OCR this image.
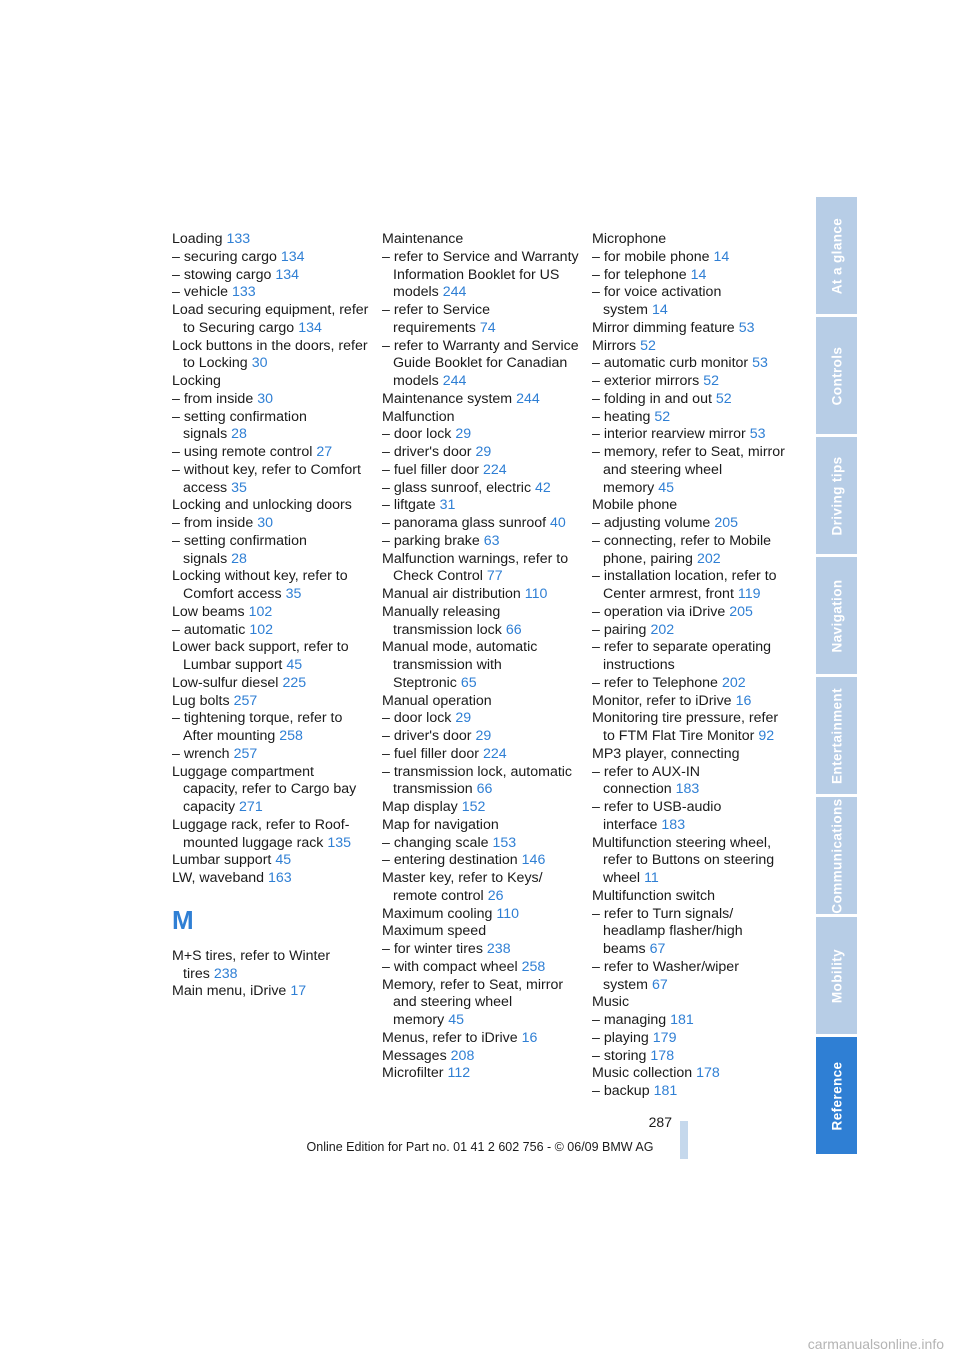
Loading 133
– securing cargo 134
– stowing cargo 134
– vehicle 133
Load securing equipment, refer to Securing cargo 134
Lock buttons in the doors, refer to Locking 30
Locking
– from inside 30
– setting confirmation signals 28
– using remote control 27
– without key, refer to Comfort access 35
Locking and unlocking doors
– from inside 30
– setting confirmation signals 28
Locking without key, refer to Comfort access 35
Low beams 102
– automatic 102
Lower back support, refer to Lumbar support 45
Low-sulfur diesel 225
Lug bolts 257
– tightening torque, refer to After mounting 258
– wrench 257
Luggage compartment capacity, refer to Cargo bay capacity 271
Luggage rack, refer to Roof-mounted luggage rack 135
Lumbar support 45
LW, waveband 163
M
M+S tires, refer to Winter tires 238
Main menu, iDrive 17
Maintenance
– refer to Service and Warranty Information Booklet for US models 244
– refer to Service requirements 74
– refer to Warranty and Service Guide Booklet for Canadian models 244
Maintenance system 244
Malfunction
– door lock 29
– driver's door 29
– fuel filler door 224
– glass sunroof, electric 42
– liftgate 31
– panorama glass sunroof 40
– parking brake 63
Malfunction warnings, refer to Check Control 77
Manual air distribution 110
Manually releasing transmission lock 66
Manual mode, automatic transmission with Steptronic 65
Manual operation
– door lock 29
– driver's door 29
– fuel filler door 224
– transmission lock, automatic transmission 66
Map display 152
Map for navigation
– changing scale 153
– entering destination 146
Master key, refer to Keys/ remote control 26
Maximum cooling 110
Maximum speed
– for winter tires 238
– with compact wheel 258
Memory, refer to Seat, mirror and steering wheel memory 45
Menus, refer to iDrive 16
Messages 208
Microfilter 112
Microphone
– for mobile phone 14
– for telephone 14
– for voice activation system 14
Mirror dimming feature 53
Mirrors 52
– automatic curb monitor 53
– exterior mirrors 52
– folding in and out 52
– heating 52
– interior rearview mirror 53
– memory, refer to Seat, mirror and steering wheel memory 45
Mobile phone
– adjusting volume 205
– connecting, refer to Mobile phone, pairing 202
– installation location, refer to Center armrest, front 119
– operation via iDrive 205
– pairing 202
– refer to separate operating instructions
– refer to Telephone 202
Monitor, refer to iDrive 16
Monitoring tire pressure, refer to FTM Flat Tire Monitor 92
MP3 player, connecting
– refer to AUX-IN connection 183
– refer to USB-audio interface 183
Multifunction steering wheel, refer to Buttons on steering wheel 11
Multifunction switch
– refer to Turn signals/ headlamp flasher/high beams 67
– refer to Washer/wiper system 67
Music
– managing 181
– playing 179
– storing 178
Music collection 178
– backup 181
At a glance
Controls
Driving tips
Navigation
Entertainment
Communications
Mobility
Reference
287
Online Edition for Part no. 01 41 2 602 756 - © 06/09 BMW AG
carmanualsonline.info
